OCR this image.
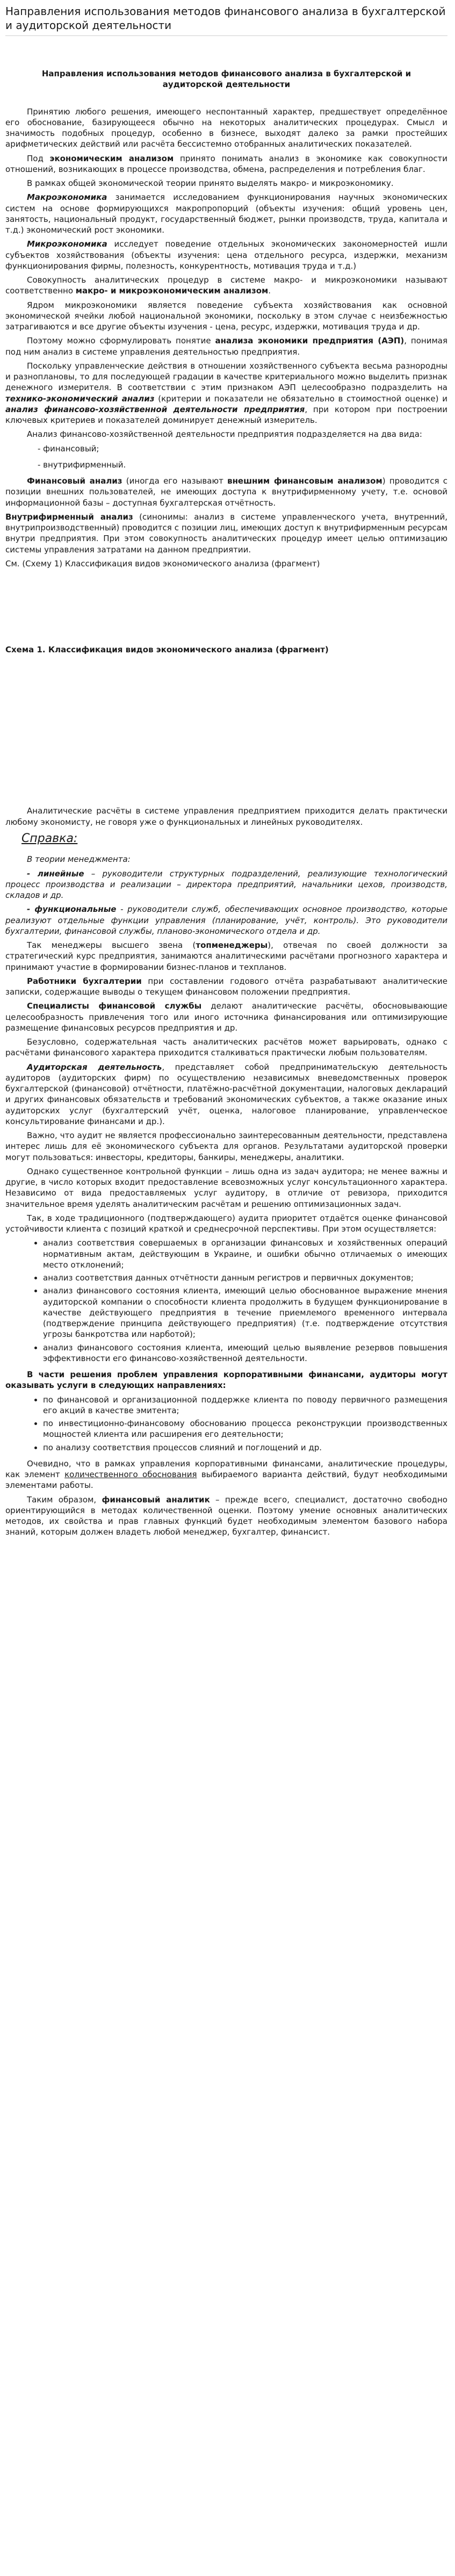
Направления использования методов финансового анализа в бухгалтерской и аудиторской деятельности
Направления использования методов финансового анализа в бухгалтерской и аудиторской деятельности

Принятию любого решения, имеющего неспонтанный характер, предшествует определённое его обоснование, базирующееся обычно на некоторых аналитических процедурах. Смысл и значимость подобных процедур, особенно в бизнесе, выходят далеко за рамки простейших арифметических действий или расчёта бессистемно отобранных аналитических показателей.

Под экономическим анализом принято понимать анализ в экономике как совокупности отношений, возникающих в процессе производства, обмена, распределения и потребления благ.

В рамках общей экономической теории принято выделять макро- и микроэкономику.

Макроэкономика занимается исследованием функционирования научных экономических систем на основе формирующихся макропропорций (объекты изучения: общий уровень цен, занятость, национальный продукт, государственный бюджет, рынки производств, труда, капитала и т.д.) экономический рост экономики.

Микроэкономика исследует поведение отдельных экономических закономерностей ишли субъектов хозяйствования (объекты изучения: цена отдельного ресурса, издержки, механизм функционирования фирмы, полезность, конкурентность, мотивация труда и т.д.)

Совокупность аналитических процедур в системе макро- и микроэкономики называют соответственно макро- и микроэкономическим анализом.

Ядром микроэкономики является поведение субъекта хозяйствования как основной экономической ячейки любой национальной экономики, поскольку в этом случае с неизбежностью затрагиваются и все другие объекты изучения - цена, ресурс, издержки, мотивация труда и др.

Поэтому можно сформулировать понятие анализа экономики предприятия (АЭП), понимая под ним анализ в системе управления деятельностью предприятия.

Поскольку управленческие действия в отношении хозяйственного субъекта весьма разнородны и разноплановы, то для последующей градации в качестве критериального можно выделить признак денежного измерителя. В соответствии с этим признаком АЭП целесообразно подразделить на технико-экономический анализ (критерии и показатели не обязательно в стоимостной оценке) и анализ финансово-хозяйственной деятельности предприятия, при котором при построении ключевых критериев и показателей доминирует денежный измеритель.

Анализ финансово-хозяйственной деятельности предприятия подразделяется на два вида:

- финансовый;

- внутрифирменный.

Финансовый анализ (иногда его называют внешним финансовым анализом) проводится с позиции внешних пользователей, не имеющих доступа к внутрифирменному учету, т.е. основой информационной базы – доступная бухгалтерская отчётность.

Внутрифирменный анализ (синонимы: анализ в системе управленческого учета, внутренний, внутрипроизводственный) проводится с позиции лиц, имеющих доступ к внутрифирменным ресурсам внутри предприятия. При этом совокупность аналитических процедур имеет целью оптимизацию системы управления затратами на данном предприятии.

См. (Схему 1) Классификация видов экономического анализа (фрагмент)

Схема 1. Классификация видов экономического анализа (фрагмент)

Аналитические расчёты в системе управления предприятием приходится делать практически любому экономисту, не говоря уже о функциональных и линейных руководителях.

Справка:

В теории менеджмента:

- линейные – руководители структурных подразделений, реализующие технологический процесс производства и реализации – директора предприятий, начальники цехов, производств, складов и др.

- функциональные - руководители служб, обеспечивающих основное производство, которые реализуют отдельные функции управления (планирование, учёт, контроль). Это руководители бухгалтерии, финансовой службы, планово-экономического отдела и др.

Так менеджеры высшего звена (топменеджеры), отвечая по своей должности за стратегический курс предприятия, занимаются аналитическими расчётами прогнозного характера и принимают участие в формировании бизнес-планов и техпланов.

Работники бухгалтерии при составлении годового отчёта разрабатывают аналитические записки, содержащие выводы о текущем финансовом положении предприятия.

Специалисты финансовой службы делают аналитические расчёты, обосновывающие целесообразность привлечения того или иного источника финансирования или оптимизирующие размещение финансовых ресурсов предприятия и др.

Безусловно, содержательная часть аналитических расчётов может варьировать, однако с расчётами финансового характера приходится сталкиваться практически любым пользователям.

Аудиторская деятельность, представляет собой предпринимательскую деятельность аудиторов (аудиторских фирм) по осуществлению независимых вневедомственных проверок бухгалтерской (финансовой) отчётности, платёжно-расчётной документации, налоговых деклараций и других финансовых обязательств и требований экономических субъектов, а также оказание иных аудиторских услуг (бухгалтерский учёт, оценка, налоговое планирование, управленческое консультирование финансами и др.).

Важно, что аудит не является профессионально заинтересованным деятельности, представлена интерес лишь для её экономического субъекта для органов. Результатами аудиторской проверки могут пользоваться: инвесторы, кредиторы, банкиры, менеджеры, аналитики.

Однако существенное контрольной функции – лишь одна из задач аудитора; не менее важны и другие, в число которых входит предоставление всевозможных услуг консультационного характера. Независимо от вида предоставляемых услуг аудитору, в отличие от ревизора, приходится значительное время уделять аналитическим расчётам и решению оптимизационных задач.

Так, в ходе традиционного (подтверждающего) аудита приоритет отдаётся оценке финансовой устойчивости клиента с позиций краткой и среднесрочной перспективы. При этом осуществляется:

• анализ соответствия совершаемых в организации финансовых и хозяйственных операций нормативным актам, действующим в Украине, и ошибки обычно отличаемых о имеющих место отклонений;
• анализ соответствия данных отчётности данным регистров и первичных документов;
• анализ финансового состояния клиента, имеющий целью обоснованное выражение мнения аудиторской компании о способности клиента продолжить в будущем функционирование в качестве действующего предприятия в течение приемлемого временного интервала (подтверждение принципа действующего предприятия) (т.е. подтверждение отсутствия угрозы банкротства или нарботой);
• анализ финансового состояния клиента, имеющий целью выявление резервов повышения эффективности его финансово-хозяйственной деятельности.

В части решения проблем управления корпоративными финансами, аудиторы могут оказывать услуги в следующих направлениях:

• по финансовой и организационной поддержке клиента по поводу первичного размещения его акций в качестве эмитента;
• по инвестиционно-финансовому обоснованию процесса реконструкции производственных мощностей клиента или расширения его деятельности;
• по анализу соответствия процессов слияний и поглощений и др.

Очевидно, что в рамках управления корпоративными финансами, аналитические процедуры, как элемент количественного обоснования выбираемого варианта действий, будут необходимыми элементами работы.

Таким образом, финансовый аналитик – прежде всего, специалист, достаточно свободно ориентирующийся в методах количественной оценки. Поэтому умение основных аналитических методов, их свойства и прав главных функций будет необходимым элементом базового набора знаний, которым должен владеть любой менеджер, бухгалтер, финансист.
